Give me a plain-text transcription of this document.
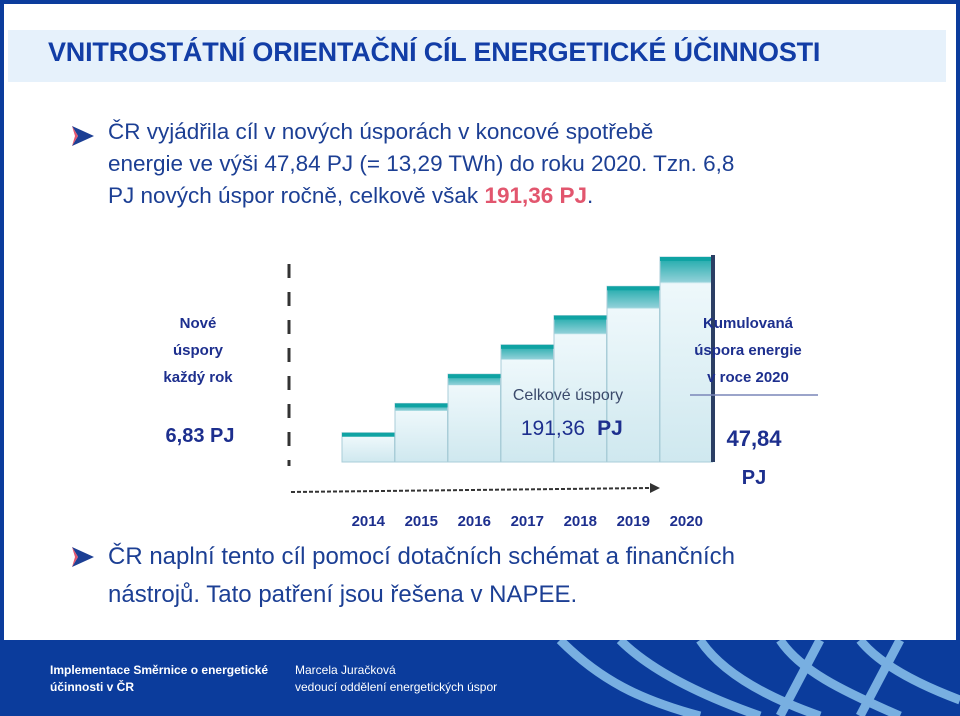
VNITROSTÁTNÍ ORIENTAČNÍ CÍL ENERGETICKÉ ÚČINNOSTI
ČR vyjádřila cíl v nových úsporách v koncové spotřebě
energie ve výši 47,84 PJ (= 13,29 TWh) do roku 2020. Tzn. 6,8
PJ nových úspor ročně, celkově však 191,36 PJ.
2014 2015 2016 2017 2018 2019 2020
Nové
úspory
každý rok
6,83 PJ
Kumulovaná
úspora energie
v roce 2020
47,84
PJ
Celkové úspory
191,36 PJ
ČR naplní tento cíl pomocí dotačních schémat a finančních
nástrojů. Tato patření jsou řešena v NAPEE.
Implementace Směrnice o energetické
účinnosti v ČR
Marcela Juračková
vedoucí oddělení energetických úspor
